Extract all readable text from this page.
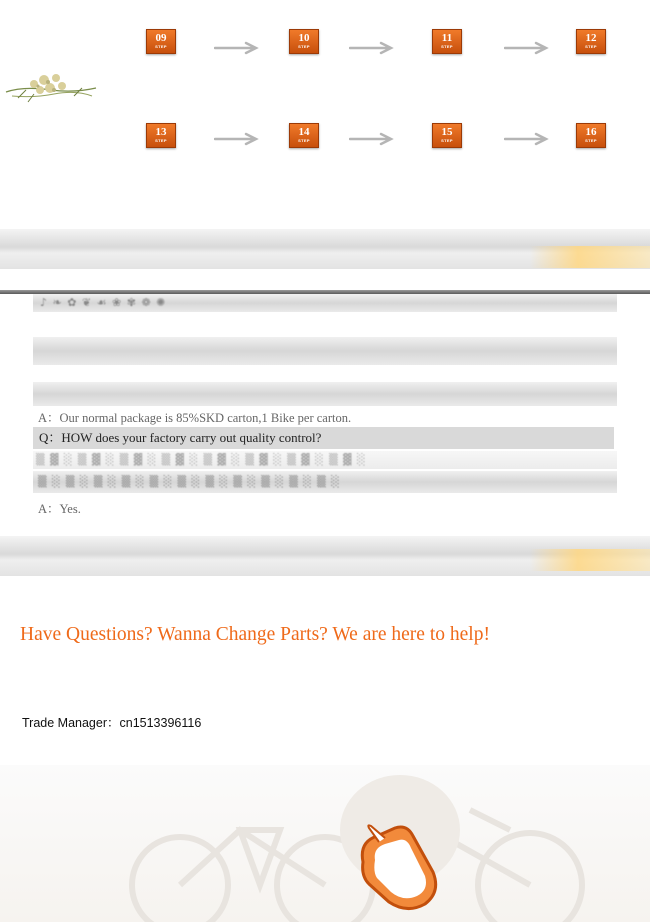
09
STEP
10
STEP
11
STEP
12
STEP
13
STEP
14
STEP
15
STEP
16
STEP
♪ ❧ ✿ ❦ ☙ ❀ ✾ ❁ ✺
A：Our normal package is 85%SKD carton,1 Bike per carton.
Q：HOW does your factory carry out quality control?
▒ ▓ ░ ▒ ▓ ░ ▒ ▓ ░ ▒ ▓ ░ ▒ ▓ ░ ▒ ▓ ░ ▒ ▓ ░ ▒ ▓ ░
▒ ░ ▒ ░ ▒ ░ ▒ ░ ▒ ░ ▒ ░ ▒ ░ ▒ ░ ▒ ░ ▒ ░ ▒ ░
A：Yes.
Have Questions? Wanna Change Parts? We are here to help!
Trade Manager：cn1513396116
